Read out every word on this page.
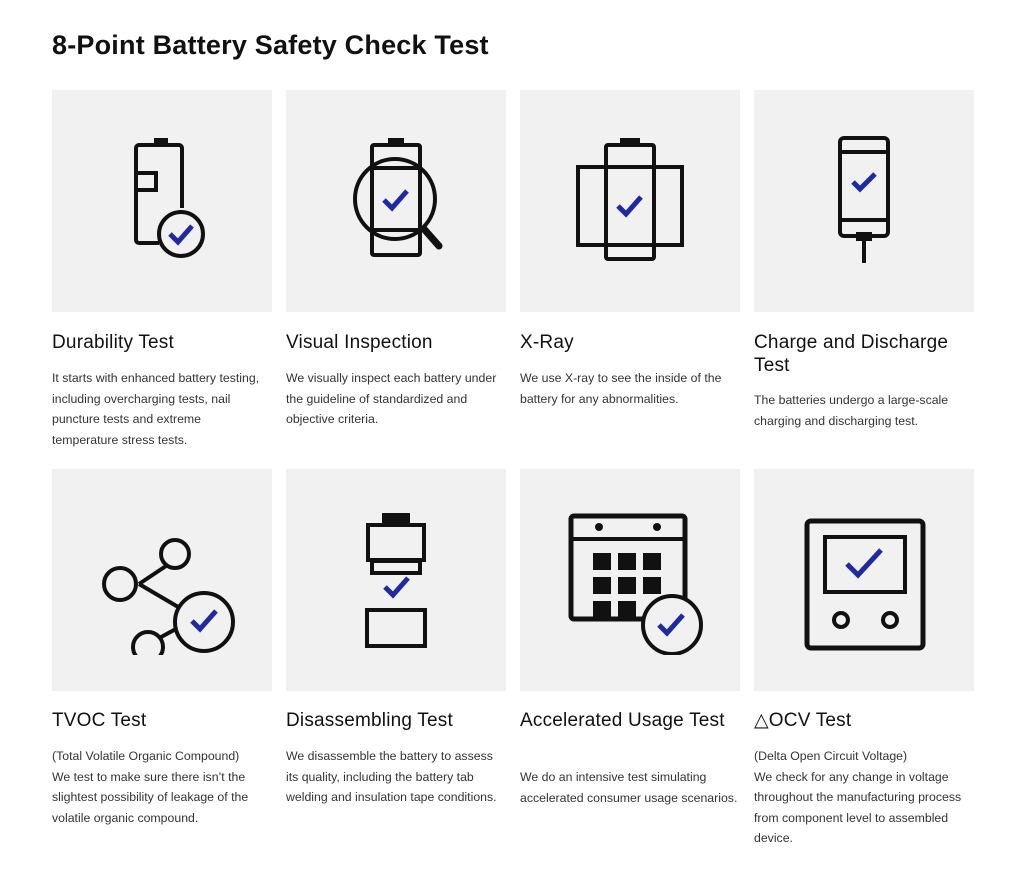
8-Point Battery Safety Check Test
Durability Test

It starts with enhanced battery testing, including overcharging tests, nail puncture tests and extreme temperature stress tests.

Visual Inspection

We visually inspect each battery under the guideline of standardized and objective criteria.

X-Ray

We use X-ray to see the inside of the battery for any abnormalities.

Charge and Discharge Test

The batteries undergo a large-scale charging and discharging test.

TVOC Test

(Total Volatile Organic Compound)
We test to make sure there isn’t the slightest possibility of leakage of the volatile organic compound.

Disassembling Test

We disassemble the battery to assess its quality, including the battery tab welding and insulation tape conditions.

Accelerated Usage Test

We do an intensive test simulating accelerated consumer usage scenarios.

△OCV Test

(Delta Open Circuit Voltage)
We check for any change in voltage throughout the manufacturing process from component level to assembled device.
